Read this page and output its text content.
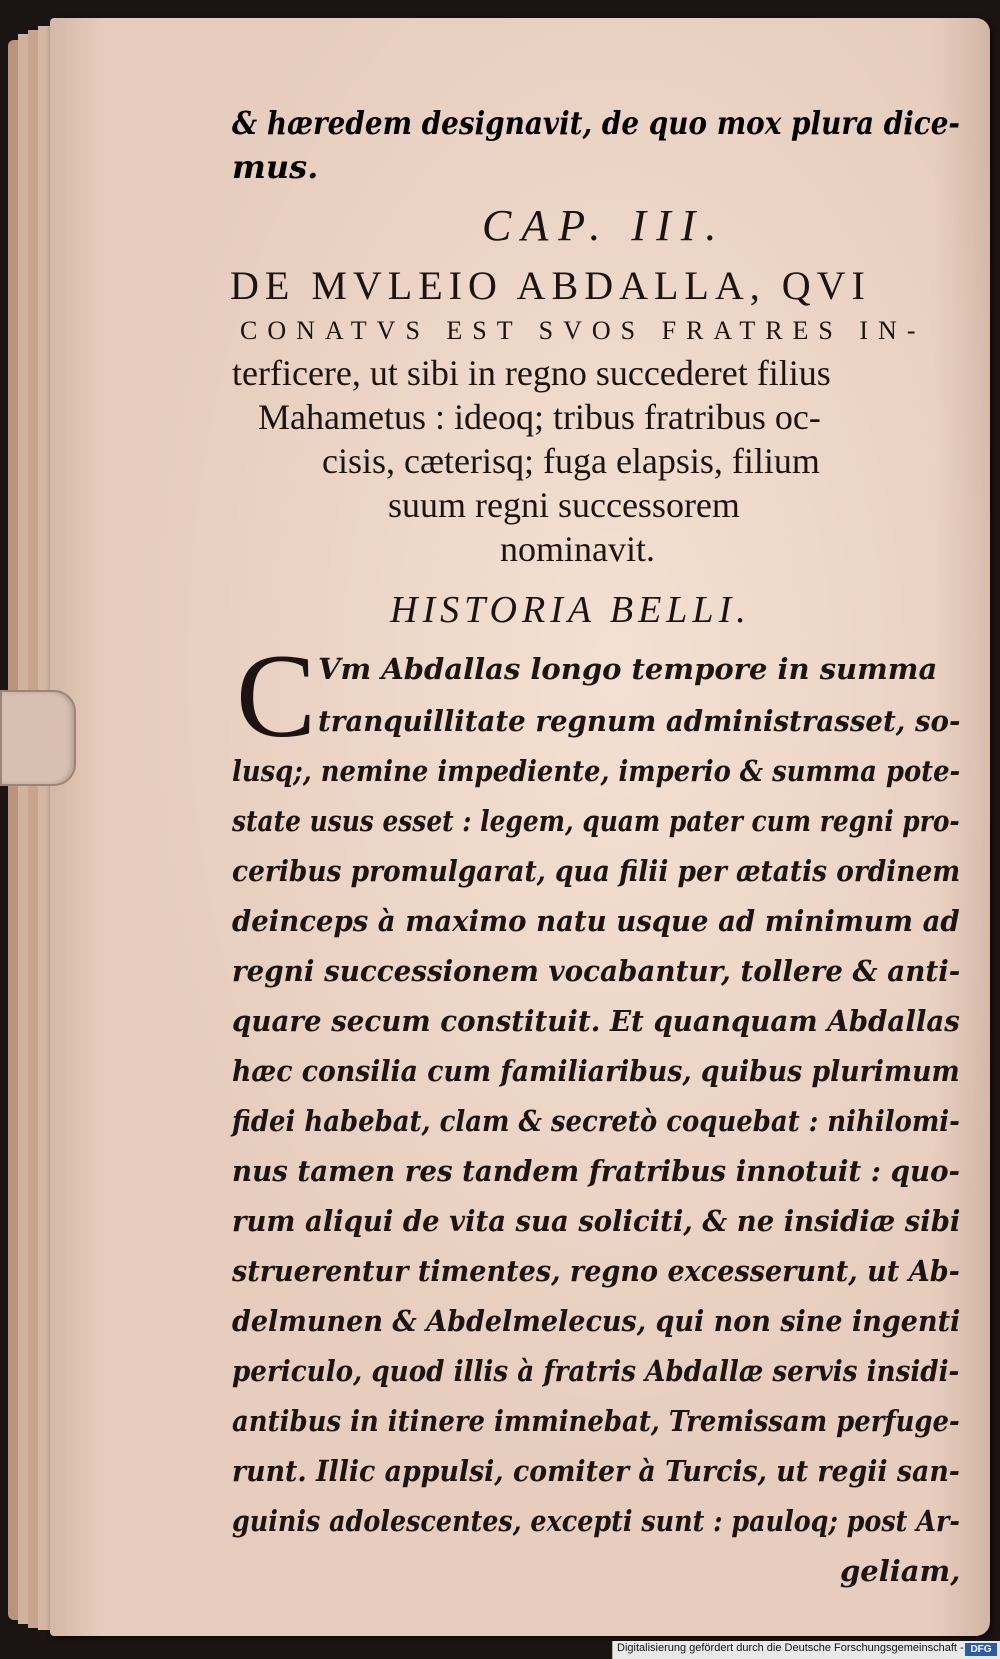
& hæredem designavit, de quo mox plura dice-
mus.
CAP. III.
DE MVLEIO ABDALLA, QVI
CONATVS EST SVOS FRATRES IN-
terficere, ut sibi in regno succederet filius
Mahametus : ideoq; tribus fratribus oc-
cisis, cæterisq; fuga elapsis, filium
suum regni successorem
nominavit.
HISTORIA BELLI.
C Vm Abdallas longo tempore in summa
tranquillitate regnum administrasset, so-
lusq;, nemine impediente, imperio & summa pote-
state usus esset : legem, quam pater cum regni pro-
ceribus promulgarat, qua filii per ætatis ordinem
deinceps à maximo natu usque ad minimum ad
regni successionem vocabantur, tollere & anti-
quare secum constituit. Et quanquam Abdallas
hæc consilia cum familiaribus, quibus plurimum
fidei habebat, clam & secretò coquebat : nihilomi-
nus tamen res tandem fratribus innotuit : quo-
rum aliqui de vita sua soliciti, & ne insidiæ sibi
struerentur timentes, regno excesserunt, ut Ab-
delmunen & Abdelmelecus, qui non sine ingenti
periculo, quod illis à fratris Abdallæ servis insidi-
antibus in itinere imminebat, Tremissam perfuge-
runt. Illic appulsi, comiter à Turcis, ut regii san-
guinis adolescentes, excepti sunt : pauloq; post Ar-
geliam,
Digitalisierung gefördert durch die Deutsche Forschungsgemeinschaft - DFG
